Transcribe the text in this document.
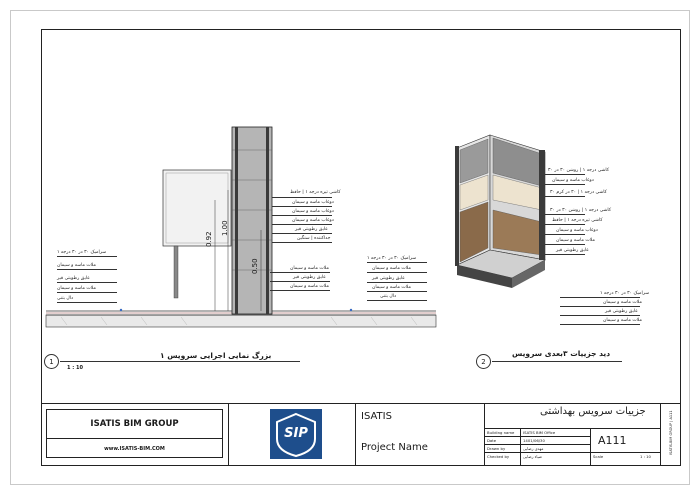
0.92
1.00
0.50
سرامیک ۳۰ در ۳۰ درجه ۱
ملات ماسه و سیمان
عایق رطوبتی قیر
ملات ماسه و سیمان
دال بتنی
کاشی تیره درجه ۱ | حافظ
دوغاب ماسه و سیمان
دوغاب ماسه و سیمان
دوغاب ماسه و سیمان
عایق رطوبتی قیر
جداکننده | سنگین
ملات ماسه و سیمان
عایق رطوبتی قیر
ملات ماسه و سیمان
1
بزرگ نمایی اجرایی سرویس ۱
1 : 10
کاشی درجه ۱ | روشن ۳۰ در ۳۰
دوغاب ماسه و سیمان
کاشی درجه ۱ | ۳۰ در کرم ۳۰
کاشی درجه ۱ | روشن ۳۰ در ۳۰
کاشی تیره درجه ۱ | حافظ
دوغاب ماسه و سیمان
ملات ماسه و سیمان
عایق رطوبتی قیر
سرامیک ۳۰ در ۳۰ درجه ۱
ملات ماسه و سیمان
عایق رطوبتی قیر
ملات ماسه و سیمان
دال بتنی
سرامیک ۳۰ در ۳۰ درجه ۱
ملات ماسه و سیمان
عایق رطوبتی قیر
ملات ماسه و سیمان
2
دید جزییات ۳بعدی سرویس
ISATIS BIM GROUP
www.ISATIS-BIM.COM
SIP
ISATIS
Project Name
جزییات سرویس بهداشتی
Building name ISATIS BIM Office
Date	1401/06/30
Drawn by	مهدی رضایی
Checked by	ضیاء رضایی	Scale	1 : 10
A111	ISATIS-BIM GROUP | A111
